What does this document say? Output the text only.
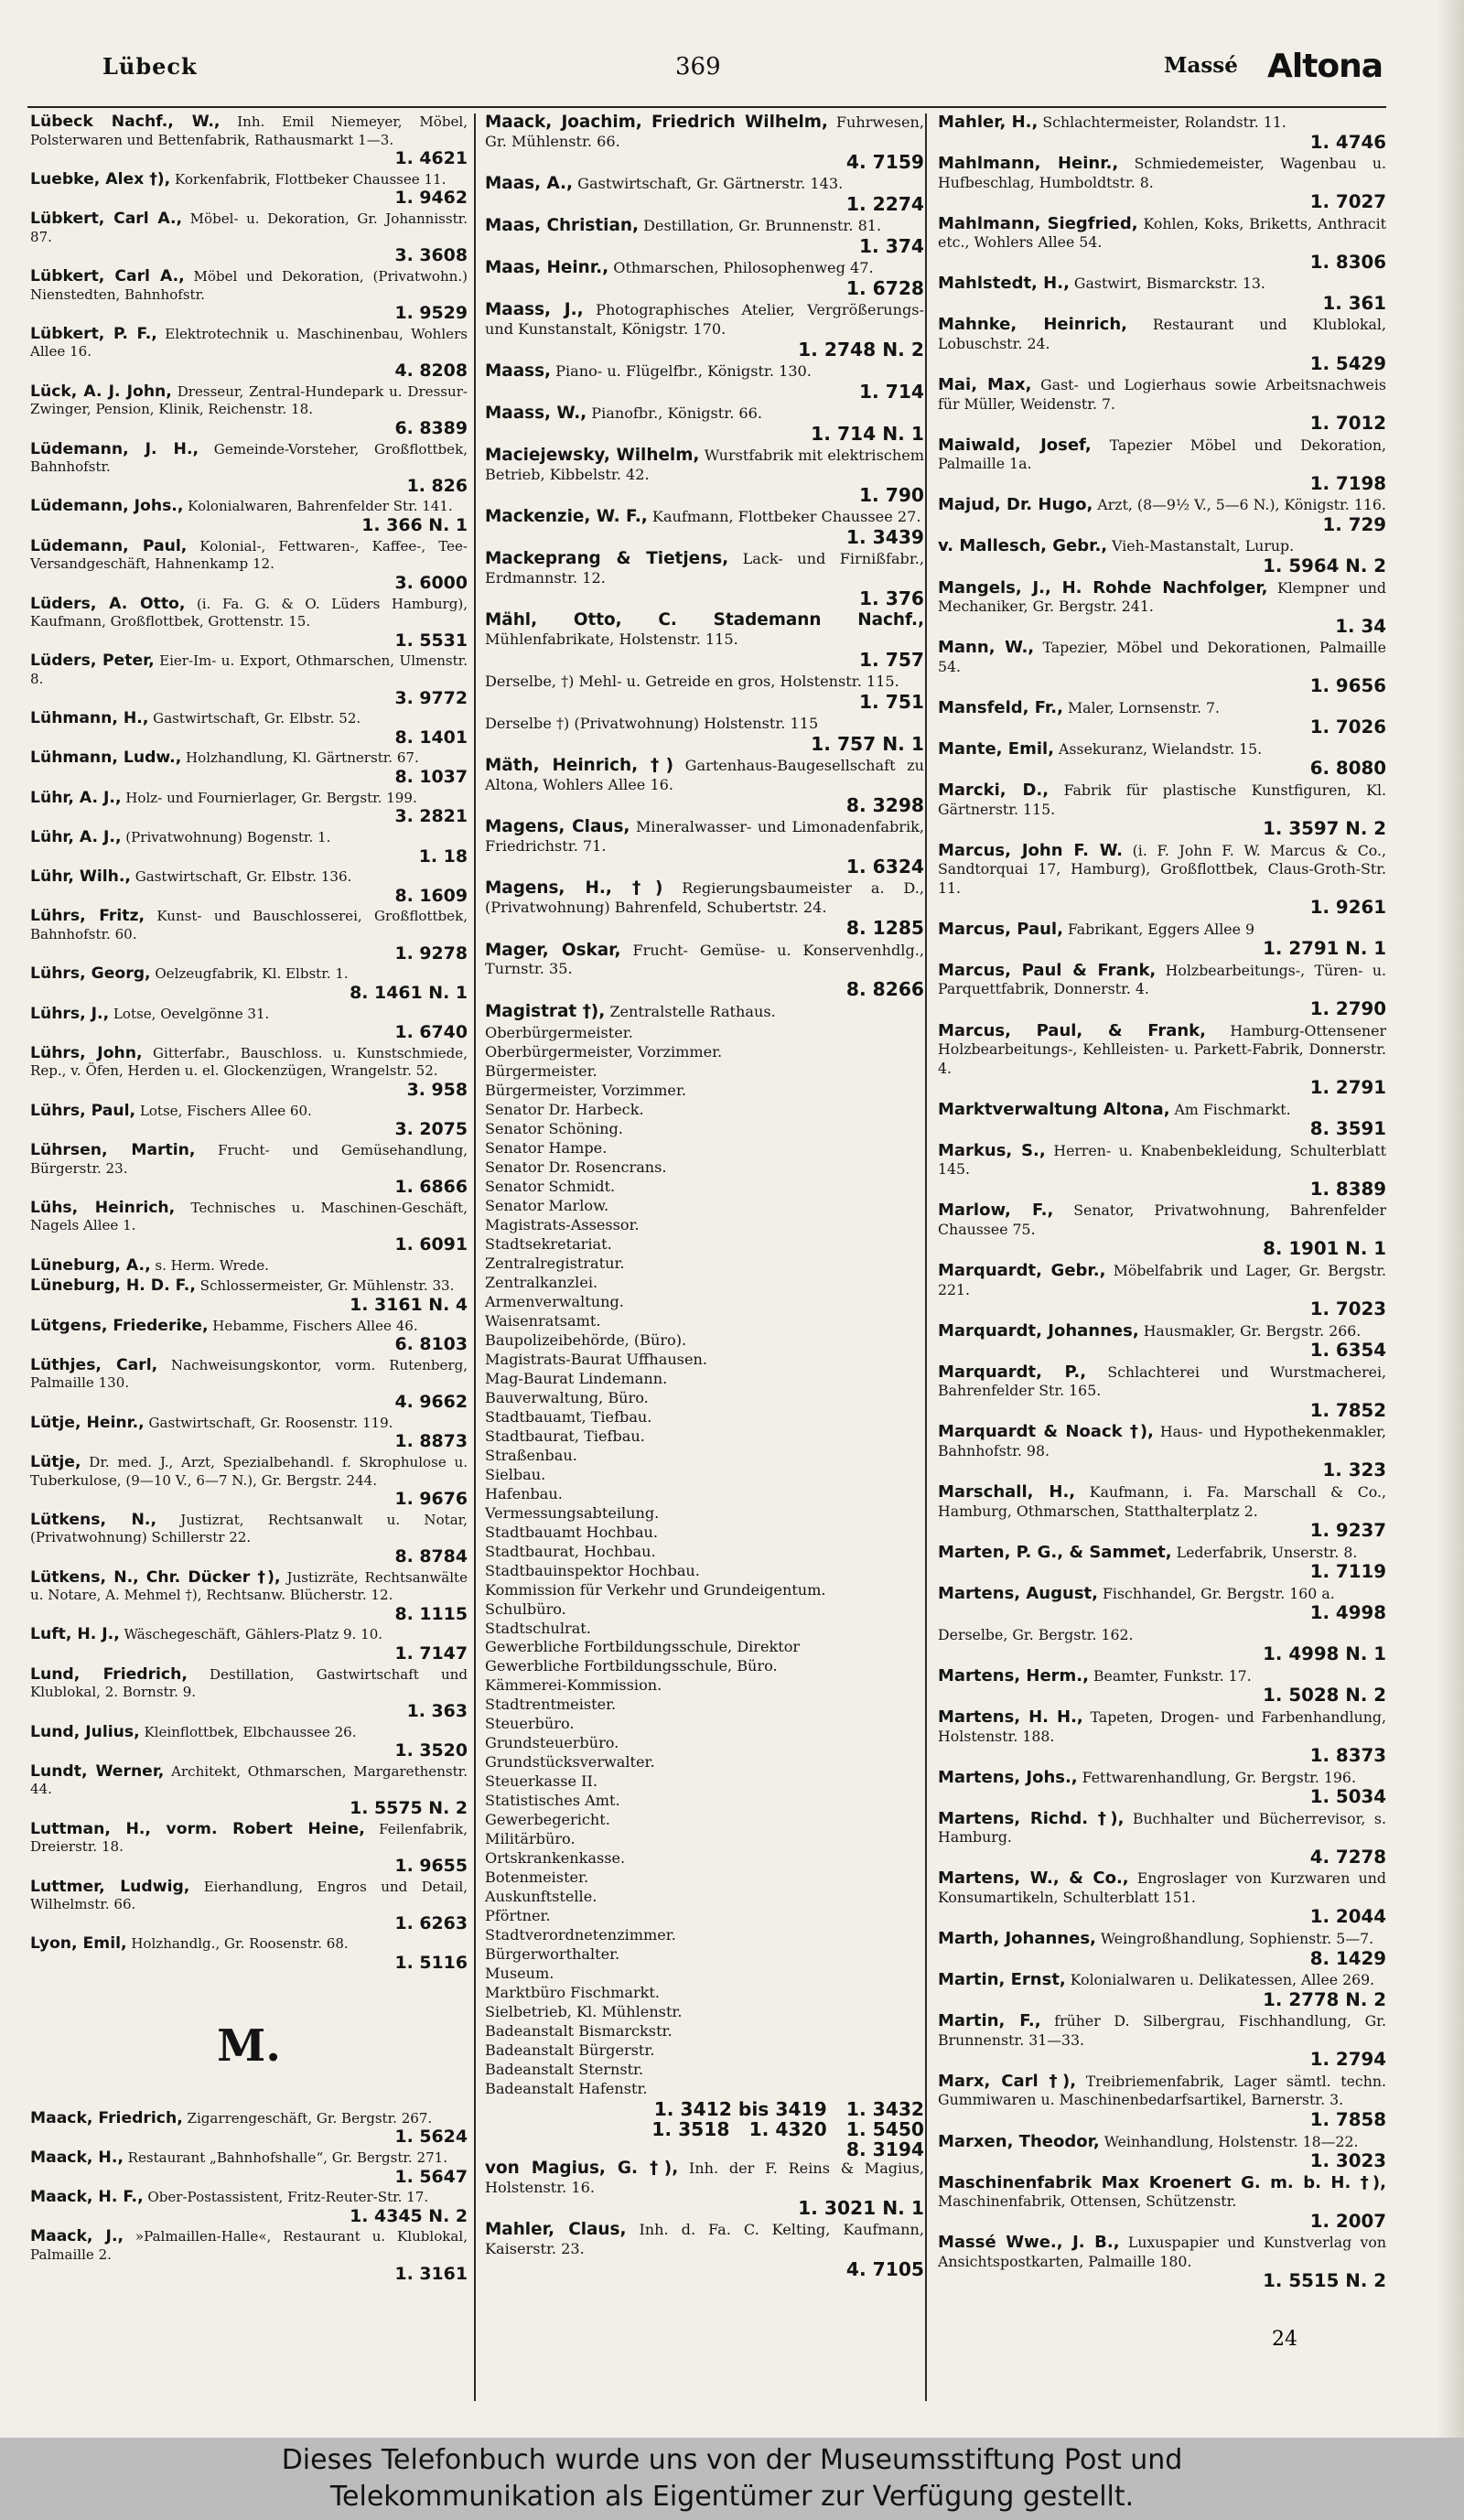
Lübeck	369	Massé Altona
Lübeck Nachf., W., Inh. Emil Niemeyer, Möbel, Polsterwaren und Bettenfabrik, Rathausmarkt 1—3.
1. 4621
Luebke, Alex †), Korkenfabrik, Flottbeker Chaussee 11.
1. 9462
Lübkert, Carl A., Möbel- u. Dekoration, Gr. Johannisstr. 87.
3. 3608
Lübkert, Carl A., Möbel und Dekoration, (Privatwohn.) Nienstedten, Bahnhofstr.
1. 9529
Lübkert, P. F., Elektrotechnik u. Maschinenbau, Wohlers Allee 16.
4. 8208
Lück, A. J. John, Dresseur, Zentral-Hundepark u. Dressur-Zwinger, Pension, Klinik, Reichenstr. 18.
6. 8389
Lüdemann, J. H., Gemeinde-Vorsteher, Großflottbek, Bahnhofstr.
1. 826
Lüdemann, Johs., Kolonialwaren, Bahrenfelder Str. 141.
1. 366 N. 1
Lüdemann, Paul, Kolonial-, Fettwaren-, Kaffee-, Tee-Versandgeschäft, Hahnenkamp 12.
3. 6000
Lüders, A. Otto, (i. Fa. G. & O. Lüders Hamburg), Kaufmann, Großflottbek, Grottenstr. 15.
1. 5531
Lüders, Peter, Eier-Im- u. Export, Othmarschen, Ulmenstr. 8.
3. 9772
Lühmann, H., Gastwirtschaft, Gr. Elbstr. 52.
8. 1401
Lühmann, Ludw., Holzhandlung, Kl. Gärtnerstr. 67.
8. 1037
Lühr, A. J., Holz- und Fournierlager, Gr. Bergstr. 199.
3. 2821
Lühr, A. J., (Privatwohnung) Bogenstr. 1.
1. 18
Lühr, Wilh., Gastwirtschaft, Gr. Elbstr. 136.
8. 1609
Lührs, Fritz, Kunst- und Bauschlosserei, Großflottbek, Bahnhofstr. 60.
1. 9278
Lührs, Georg, Oelzeugfabrik, Kl. Elbstr. 1.
8. 1461 N. 1
Lührs, J., Lotse, Oevelgönne 31.
1. 6740
Lührs, John, Gitterfabr., Bauschloss. u. Kunstschmiede, Rep., v. Öfen, Herden u. el. Glockenzügen, Wrangelstr. 52.
3. 958
Lührs, Paul, Lotse, Fischers Allee 60.
3. 2075
Lührsen, Martin, Frucht- und Gemüsehandlung, Bürgerstr. 23.
1. 6866
Lühs, Heinrich, Technisches u. Maschinen-Geschäft, Nagels Allee 1.
1. 6091
Lüneburg, A., s. Herm. Wrede.
Lüneburg, H. D. F., Schlossermeister, Gr. Mühlenstr. 33.
1. 3161 N. 4
Lütgens, Friederike, Hebamme, Fischers Allee 46.
6. 8103
Lüthjes, Carl, Nachweisungskontor, vorm. Rutenberg, Palmaille 130.
4. 9662
Lütje, Heinr., Gastwirtschaft, Gr. Roosenstr. 119.
1. 8873
Lütje, Dr. med. J., Arzt, Spezialbehandl. f. Skrophulose u. Tuberkulose, (9—10 V., 6—7 N.), Gr. Bergstr. 244.
1. 9676
Lütkens, N., Justizrat, Rechtsanwalt u. Notar, (Privatwohnung) Schillerstr 22.
8. 8784
Lütkens, N., Chr. Dücker †), Justizräte, Rechtsanwälte u. Notare, A. Mehmel †), Rechtsanw. Blücherstr. 12.
8. 1115
Luft, H. J., Wäschegeschäft, Gählers-Platz 9. 10.
1. 7147
Lund, Friedrich, Destillation, Gastwirtschaft und Klublokal, 2. Bornstr. 9.
1. 363
Lund, Julius, Kleinflottbek, Elbchaussee 26.
1. 3520
Lundt, Werner, Architekt, Othmarschen, Margarethenstr. 44.
1. 5575 N. 2
Luttman, H., vorm. Robert Heine, Feilenfabrik, Dreierstr. 18.
1. 9655
Luttmer, Ludwig, Eierhandlung, Engros und Detail, Wilhelmstr. 66.
1. 6263
Lyon, Emil, Holzhandlg., Gr. Roosenstr. 68.
1. 5116
M.
Maack, Friedrich, Zigarrengeschäft, Gr. Bergstr. 267.
1. 5624
Maack, H., Restaurant „Bahnhofshalle“, Gr. Bergstr. 271.
1. 5647
Maack, H. F., Ober-Postassistent, Fritz-Reuter-Str. 17.
1. 4345 N. 2
Maack, J., »Palmaillen-Halle«, Restaurant u. Klublokal, Palmaille 2.
1. 3161
Maack, Joachim, Friedrich Wilhelm, Fuhrwesen, Gr. Mühlenstr. 66.
4. 7159
Maas, A., Gastwirtschaft, Gr. Gärtnerstr. 143.
1. 2274
Maas, Christian, Destillation, Gr. Brunnenstr. 81.
1. 374
Maas, Heinr., Othmarschen, Philosophenweg 47.
1. 6728
Maass, J., Photographisches Atelier, Vergrößerungs- und Kunstanstalt, Königstr. 170.
1. 2748 N. 2
Maass, Piano- u. Flügelfbr., Königstr. 130.
1. 714
Maass, W., Pianofbr., Königstr. 66.
1. 714 N. 1
Maciejewsky, Wilhelm, Wurstfabrik mit elektrischem Betrieb, Kibbelstr. 42.
1. 790
Mackenzie, W. F., Kaufmann, Flottbeker Chaussee 27.
1. 3439
Mackeprang & Tietjens, Lack- und Firnißfabr., Erdmannstr. 12.
1. 376
Mähl, Otto, C. Stademann Nachf., Mühlenfabrikate, Holstenstr. 115.
1. 757
Derselbe, †) Mehl- u. Getreide en gros, Holstenstr. 115.
1. 751
Derselbe †) (Privatwohnung) Holstenstr. 115
1. 757 N. 1
Mäth, Heinrich, †) Gartenhaus-Baugesellschaft zu Altona, Wohlers Allee 16.
8. 3298
Magens, Claus, Mineralwasser- und Limonadenfabrik, Friedrichstr. 71.
1. 6324
Magens, H., †) Regierungsbaumeister a. D., (Privatwohnung) Bahrenfeld, Schubertstr. 24.
8. 1285
Mager, Oskar, Frucht- Gemüse- u. Konservenhdlg., Turnstr. 35.
8. 8266
Magistrat †), Zentralstelle Rathaus.
Oberbürgermeister.
Oberbürgermeister, Vorzimmer.
Bürgermeister.
Bürgermeister, Vorzimmer.
Senator Dr. Harbeck.
Senator Schöning.
Senator Hampe.
Senator Dr. Rosencrans.
Senator Schmidt.
Senator Marlow.
Magistrats-Assessor.
Stadtsekretariat.
Zentralregistratur.
Zentralkanzlei.
Armenverwaltung.
Waisenratsamt.
Baupolizeibehörde, (Büro).
Magistrats-Baurat Uffhausen.
Mag-Baurat Lindemann.
Bauverwaltung, Büro.
Stadtbauamt, Tiefbau.
Stadtbaurat, Tiefbau.
Straßenbau.
Sielbau.
Hafenbau.
Vermessungsabteilung.
Stadtbauamt Hochbau.
Stadtbaurat, Hochbau.
Stadtbauinspektor Hochbau.
Kommission für Verkehr und Grundeigentum.
Schulbüro.
Stadtschulrat.
Gewerbliche Fortbildungsschule, Direktor
Gewerbliche Fortbildungsschule, Büro.
Kämmerei-Kommission.
Stadtrentmeister.
Steuerbüro.
Grundsteuerbüro.
Grundstücksverwalter.
Steuerkasse II.
Statistisches Amt.
Gewerbegericht.
Militärbüro.
Ortskrankenkasse.
Botenmeister.
Auskunftstelle.
Pförtner.
Stadtverordnetenzimmer.
Bürgerworthalter.
Museum.
Marktbüro Fischmarkt.
Sielbetrieb, Kl. Mühlenstr.
Badeanstalt Bismarckstr.
Badeanstalt Bürgerstr.
Badeanstalt Sternstr.
Badeanstalt Hafenstr.
1. 3412 bis 3419 1. 3432
1. 3518 1. 4320 1. 5450
8. 3194
von Magius, G. †), Inh. der F. Reins & Magius, Holstenstr. 16.
1. 3021 N. 1
Mahler, Claus, Inh. d. Fa. C. Kelting, Kaufmann, Kaiserstr. 23.
4. 7105
Mahler, H., Schlachtermeister, Rolandstr. 11.
1. 4746
Mahlmann, Heinr., Schmiedemeister, Wagenbau u. Hufbeschlag, Humboldtstr. 8.
1. 7027
Mahlmann, Siegfried, Kohlen, Koks, Briketts, Anthracit etc., Wohlers Allee 54.
1. 8306
Mahlstedt, H., Gastwirt, Bismarckstr. 13.
1. 361
Mahnke, Heinrich, Restaurant und Klublokal, Lobuschstr. 24.
1. 5429
Mai, Max, Gast- und Logierhaus sowie Arbeitsnachweis für Müller, Weidenstr. 7.
1. 7012
Maiwald, Josef, Tapezier Möbel und Dekoration, Palmaille 1a.
1. 7198
Majud, Dr. Hugo, Arzt, (8—9½ V., 5—6 N.), Königstr. 116.
1. 729
v. Mallesch, Gebr., Vieh-Mastanstalt, Lurup.
1. 5964 N. 2
Mangels, J., H. Rohde Nachfolger, Klempner und Mechaniker, Gr. Bergstr. 241.
1. 34
Mann, W., Tapezier, Möbel und Dekorationen, Palmaille 54.
1. 9656
Mansfeld, Fr., Maler, Lornsenstr. 7.
1. 7026
Mante, Emil, Assekuranz, Wielandstr. 15.
6. 8080
Marcki, D., Fabrik für plastische Kunstfiguren, Kl. Gärtnerstr. 115.
1. 3597 N. 2
Marcus, John F. W. (i. F. John F. W. Marcus & Co., Sandtorquai 17, Hamburg), Großflottbek, Claus-Groth-Str. 11.
1. 9261
Marcus, Paul, Fabrikant, Eggers Allee 9
1. 2791 N. 1
Marcus, Paul & Frank, Holzbearbeitungs-, Türen- u. Parquettfabrik, Donnerstr. 4.
1. 2790
Marcus, Paul, & Frank, Hamburg-Ottensener Holzbearbeitungs-, Kehlleisten- u. Parkett-Fabrik, Donnerstr. 4.
1. 2791
Marktverwaltung Altona, Am Fischmarkt.
8. 3591
Markus, S., Herren- u. Knabenbekleidung, Schulterblatt 145.
1. 8389
Marlow, F., Senator, Privatwohnung, Bahrenfelder Chaussee 75.
8. 1901 N. 1
Marquardt, Gebr., Möbelfabrik und Lager, Gr. Bergstr. 221.
1. 7023
Marquardt, Johannes, Hausmakler, Gr. Bergstr. 266.
1. 6354
Marquardt, P., Schlachterei und Wurstmacherei, Bahrenfelder Str. 165.
1. 7852
Marquardt & Noack †), Haus- und Hypothekenmakler, Bahnhofstr. 98.
1. 323
Marschall, H., Kaufmann, i. Fa. Marschall & Co., Hamburg, Othmarschen, Statthalterplatz 2.
1. 9237
Marten, P. G., & Sammet, Lederfabrik, Unserstr. 8.
1. 7119
Martens, August, Fischhandel, Gr. Bergstr. 160 a.
1. 4998
Derselbe, Gr. Bergstr. 162.
1. 4998 N. 1
Martens, Herm., Beamter, Funkstr. 17.
1. 5028 N. 2
Martens, H. H., Tapeten, Drogen- und Farbenhandlung, Holstenstr. 188.
1. 8373
Martens, Johs., Fettwarenhandlung, Gr. Bergstr. 196.
1. 5034
Martens, Richd. †), Buchhalter und Bücherrevisor, s. Hamburg.
4. 7278
Martens, W., & Co., Engroslager von Kurzwaren und Konsumartikeln, Schulterblatt 151.
1. 2044
Marth, Johannes, Weingroßhandlung, Sophienstr. 5—7.
8. 1429
Martin, Ernst, Kolonialwaren u. Delikatessen, Allee 269.
1. 2778 N. 2
Martin, F., früher D. Silbergrau, Fischhandlung, Gr. Brunnenstr. 31—33.
1. 2794
Marx, Carl †), Treibriemenfabrik, Lager sämtl. techn. Gummiwaren u. Maschinenbedarfsartikel, Barnerstr. 3.
1. 7858
Marxen, Theodor, Weinhandlung, Holstenstr. 18—22.
1. 3023
Maschinenfabrik Max Kroenert G. m. b. H. †), Maschinenfabrik, Ottensen, Schützenstr.
1. 2007
Massé Wwe., J. B., Luxuspapier und Kunstverlag von Ansichtspostkarten, Palmaille 180.
1. 5515 N. 2
24
Dieses Telefonbuch wurde uns von der Museumsstiftung Post und
Telekommunikation als Eigentümer zur Verfügung gestellt.
